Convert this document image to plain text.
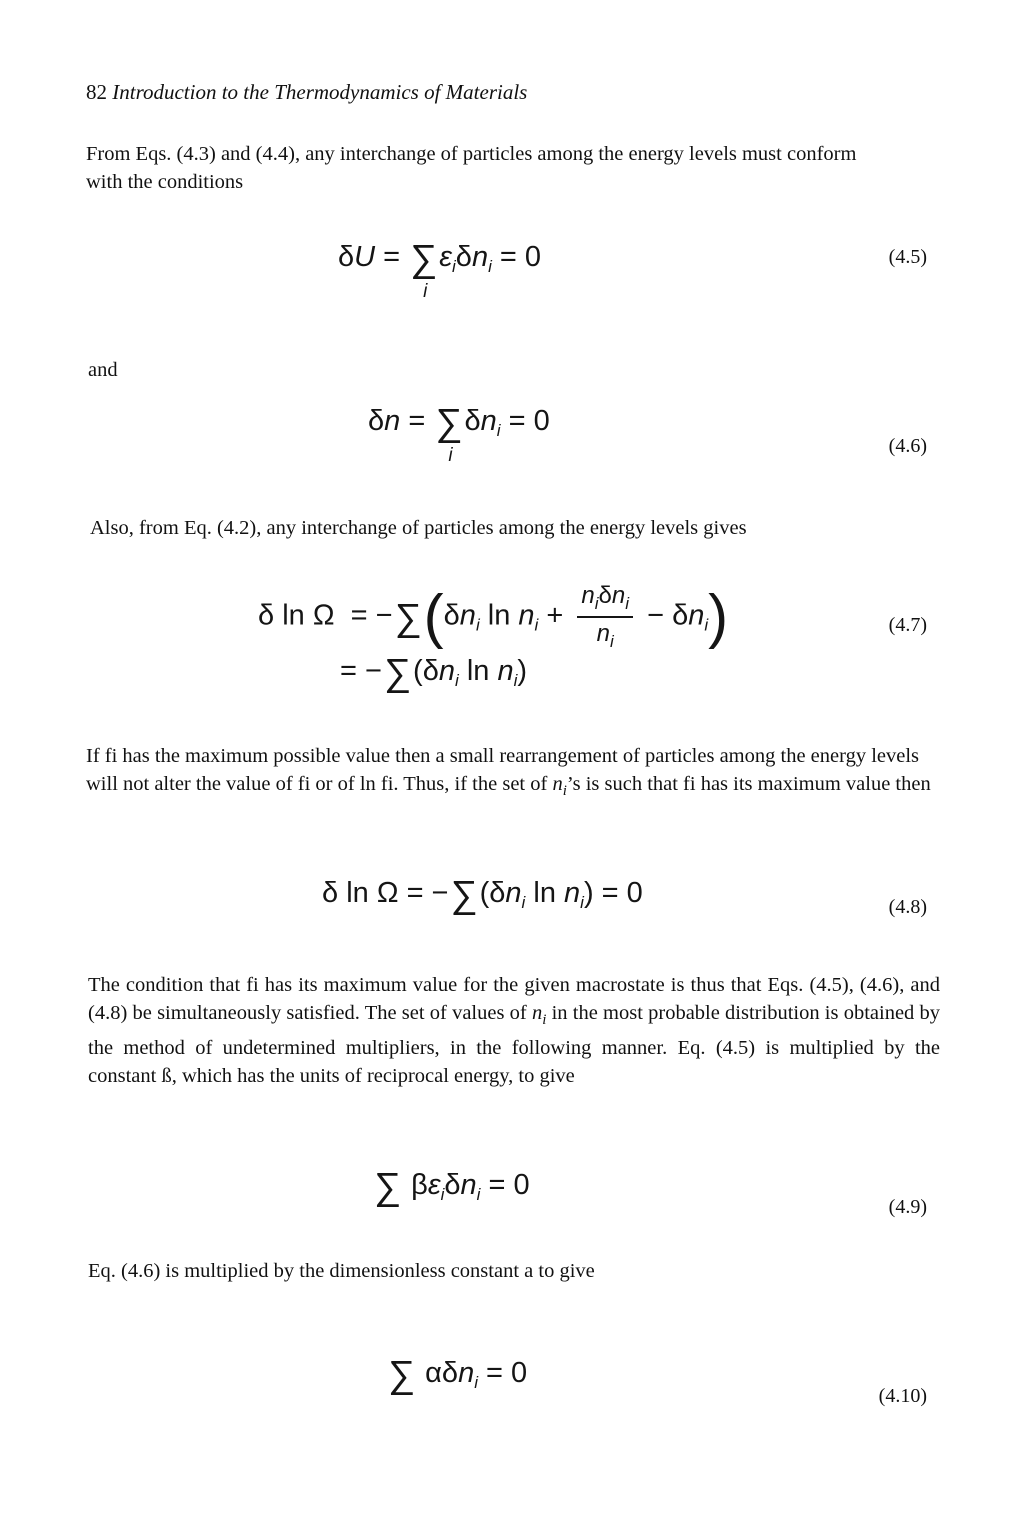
82 Introduction to the Thermodynamics of Materials
From Eqs. (4.3) and (4.4), any interchange of particles among the energy levels must conform with the conditions
δU = ∑
i
$\varepsilon_i\delta n_i = 0$	(4.5)
and
δn = ∑
i
$\delta n_i = 0$
(4.6)
Also, from Eq. (4.2), any interchange of particles among the energy levels gives
δ $\ln \Omega = -\sum(\delta n_i$ $\ln n_i + \frac{n_i\delta n_i}{n_i} - \delta n_i$)
= $-\sum(\delta n_i$ $\ln n_i$)
(4.7)
If fi has the maximum possible value then a small rearrangement of particles among the energy levels will not alter the value of fi or of ln fi. Thus, if the set of $n_i’s$ is such that fi has its maximum value then
δ $\ln \Omega = -\sum(\delta n_i$ $\ln n_i) = 0$	(4.8)
The condition that fi has its maximum value for the given macrostate is thus that Eqs. (4.5), (4.6), and (4.8) be simultaneously satisfied. The set of values of $n_i$ in the most probable distribution is obtained by the method of undetermined multipliers, in the following manner. Eq. (4.5) is multiplied by the constant ß, which has the units of reciprocal energy, to give
∑ $\beta\varepsilon_i\delta n_i = 0$
(4.9)
Eq. (4.6) is multiplied by the dimensionless constant a to give
∑ αδn$_i$ = 0
(4.10)
